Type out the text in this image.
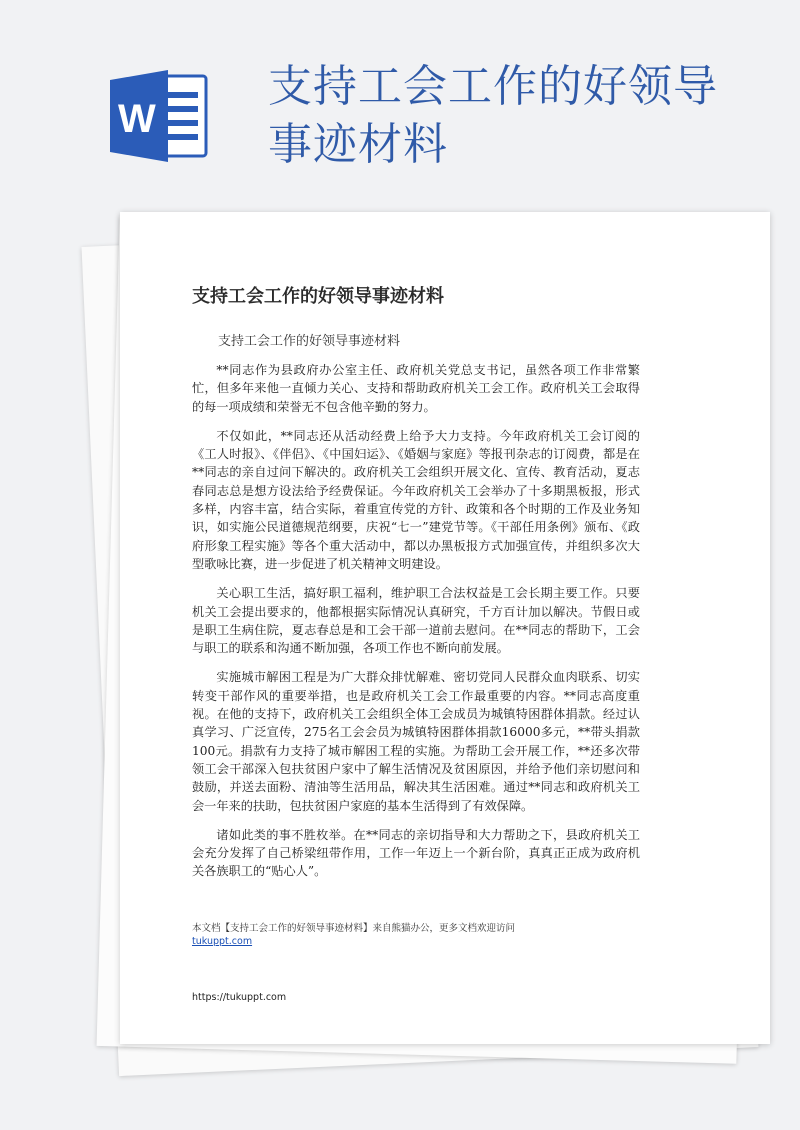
W
支持工会工作的好领导事迹材料
支持工会工作的好领导事迹材料
支持工会工作的好领导事迹材料

**同志作为县政府办公室主任、政府机关党总支书记，虽然各项工作非常繁忙，但多年来他一直倾力关心、支持和帮助政府机关工会工作。政府机关工会取得的每一项成绩和荣誉无不包含他辛勤的努力。

不仅如此，**同志还从活动经费上给予大力支持。今年政府机关工会订阅的《工人时报》、《伴侣》、《中国妇运》、《婚姻与家庭》等报刊杂志的订阅费，都是在**同志的亲自过问下解决的。政府机关工会组织开展文化、宣传、教育活动，夏志春同志总是想方设法给予经费保证。今年政府机关工会举办了十多期黑板报，形式多样，内容丰富，结合实际，着重宣传党的方针、政策和各个时期的工作及业务知识，如实施公民道德规范纲要，庆祝“七一”建党节等。《干部任用条例》颁布、《政府形象工程实施》等各个重大活动中，都以办黑板报方式加强宣传，并组织多次大型歌咏比赛，进一步促进了机关精神文明建设。

关心职工生活，搞好职工福利，维护职工合法权益是工会长期主要工作。只要机关工会提出要求的，他都根据实际情况认真研究，千方百计加以解决。节假日或是职工生病住院，夏志春总是和工会干部一道前去慰问。在**同志的帮助下，工会与职工的联系和沟通不断加强，各项工作也不断向前发展。

实施城市解困工程是为广大群众排忧解难、密切党同人民群众血肉联系、切实转变干部作风的重要举措，也是政府机关工会工作最重要的内容。**同志高度重视。在他的支持下，政府机关工会组织全体工会成员为城镇特困群体捐款。经过认真学习、广泛宣传，275名工会会员为城镇特困群体捐款16000多元，**带头捐款100元。捐款有力支持了城市解困工程的实施。为帮助工会开展工作，**还多次带领工会干部深入包扶贫困户家中了解生活情况及贫困原因，并给予他们亲切慰问和鼓励，并送去面粉、清油等生活用品，解决其生活困难。通过**同志和政府机关工会一年来的扶助，包扶贫困户家庭的基本生活得到了有效保障。

诸如此类的事不胜枚举。在**同志的亲切指导和大力帮助之下，县政府机关工会充分发挥了自己桥梁纽带作用，工作一年迈上一个新台阶，真真正正成为政府机关各族职工的“贴心人”。

本文档【支持工会工作的好领导事迹材料】来自熊猫办公，更多文档欢迎访问
tukuppt.com
https://tukuppt.com
